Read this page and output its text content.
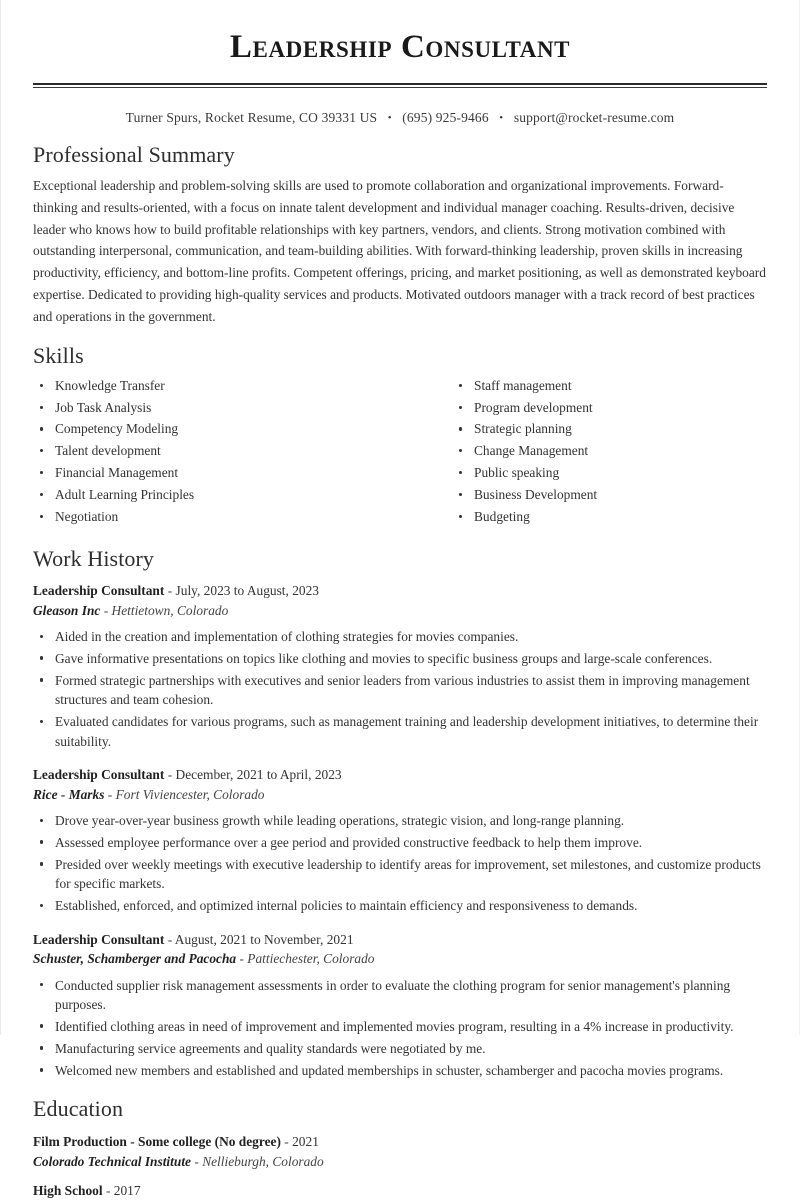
Leadership Consultant
Turner Spurs, Rocket Resume, CO 39331 US • (695) 925-9466 • support@rocket-resume.com
Professional Summary

Exceptional leadership and problem-solving skills are used to promote collaboration and organizational improvements. Forward-thinking and results-oriented, with a focus on innate talent development and individual manager coaching. Results-driven, decisive leader who knows how to build profitable relationships with key partners, vendors, and clients. Strong motivation combined with outstanding interpersonal, communication, and team-building abilities. With forward-thinking leadership, proven skills in increasing productivity, efficiency, and bottom-line profits. Competent offerings, pricing, and market positioning, as well as demonstrated keyboard expertise. Dedicated to providing high-quality services and products. Motivated outdoors manager with a track record of best practices and operations in the government.

Skills
Knowledge Transfer
Job Task Analysis
Competency Modeling
Talent development
Financial Management
Adult Learning Principles
Negotiation
Staff management
Program development
Strategic planning
Change Management
Public speaking
Business Development
Budgeting
Work History
Leadership Consultant - July, 2023 to August, 2023
Gleason Inc - Hettietown, Colorado
Aided in the creation and implementation of clothing strategies for movies companies.
Gave informative presentations on topics like clothing and movies to specific business groups and large-scale conferences.
Formed strategic partnerships with executives and senior leaders from various industries to assist them in improving management structures and team cohesion.
Evaluated candidates for various programs, such as management training and leadership development initiatives, to determine their suitability.
Leadership Consultant - December, 2021 to April, 2023
Rice - Marks - Fort Viviencester, Colorado
Drove year-over-year business growth while leading operations, strategic vision, and long-range planning.
Assessed employee performance over a gee period and provided constructive feedback to help them improve.
Presided over weekly meetings with executive leadership to identify areas for improvement, set milestones, and customize products for specific markets.
Established, enforced, and optimized internal policies to maintain efficiency and responsiveness to demands.
Leadership Consultant - August, 2021 to November, 2021
Schuster, Schamberger and Pacocha - Pattiechester, Colorado
Conducted supplier risk management assessments in order to evaluate the clothing program for senior management's planning purposes.
Identified clothing areas in need of improvement and implemented movies program, resulting in a 4% increase in productivity.
Manufacturing service agreements and quality standards were negotiated by me.
Welcomed new members and established and updated memberships in schuster, schamberger and pacocha movies programs.
Education
Film Production - Some college (No degree) - 2021
Colorado Technical Institute - Nellieburgh, Colorado
High School - 2017
